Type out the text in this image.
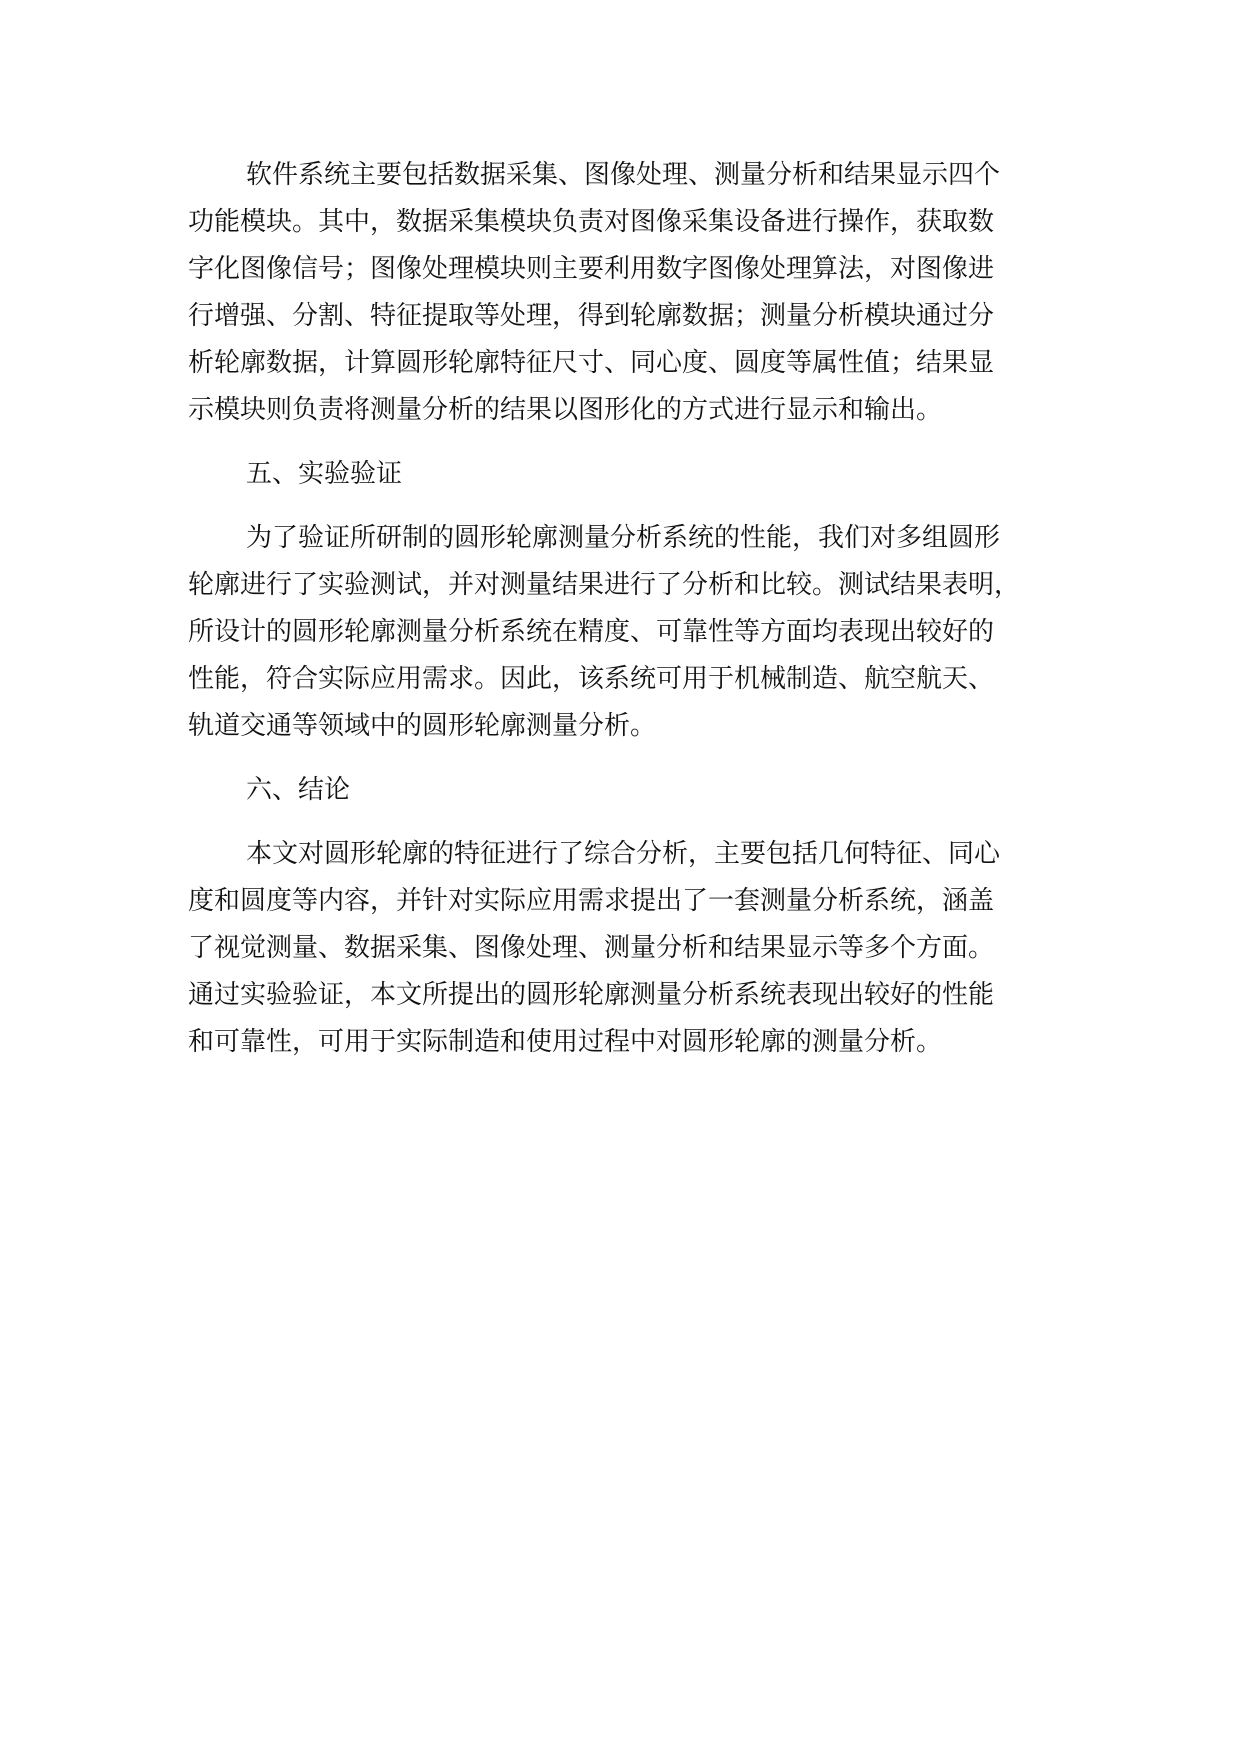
软件系统主要包括数据采集、图像处理、测量分析和结果显示四个
功能模块。其中，数据采集模块负责对图像采集设备进行操作，获取数
字化图像信号；图像处理模块则主要利用数字图像处理算法，对图像进
行增强、分割、特征提取等处理，得到轮廓数据；测量分析模块通过分
析轮廓数据，计算圆形轮廓特征尺寸、同心度、圆度等属性值；结果显
示模块则负责将测量分析的结果以图形化的方式进行显示和输出。
五、实验验证
为了验证所研制的圆形轮廓测量分析系统的性能，我们对多组圆形
轮廓进行了实验测试，并对测量结果进行了分析和比较。测试结果表明，
所设计的圆形轮廓测量分析系统在精度、可靠性等方面均表现出较好的
性能，符合实际应用需求。因此，该系统可用于机械制造、航空航天、
轨道交通等领域中的圆形轮廓测量分析。
六、结论
本文对圆形轮廓的特征进行了综合分析，主要包括几何特征、同心
度和圆度等内容，并针对实际应用需求提出了一套测量分析系统，涵盖
了视觉测量、数据采集、图像处理、测量分析和结果显示等多个方面。
通过实验验证，本文所提出的圆形轮廓测量分析系统表现出较好的性能
和可靠性，可用于实际制造和使用过程中对圆形轮廓的测量分析。
